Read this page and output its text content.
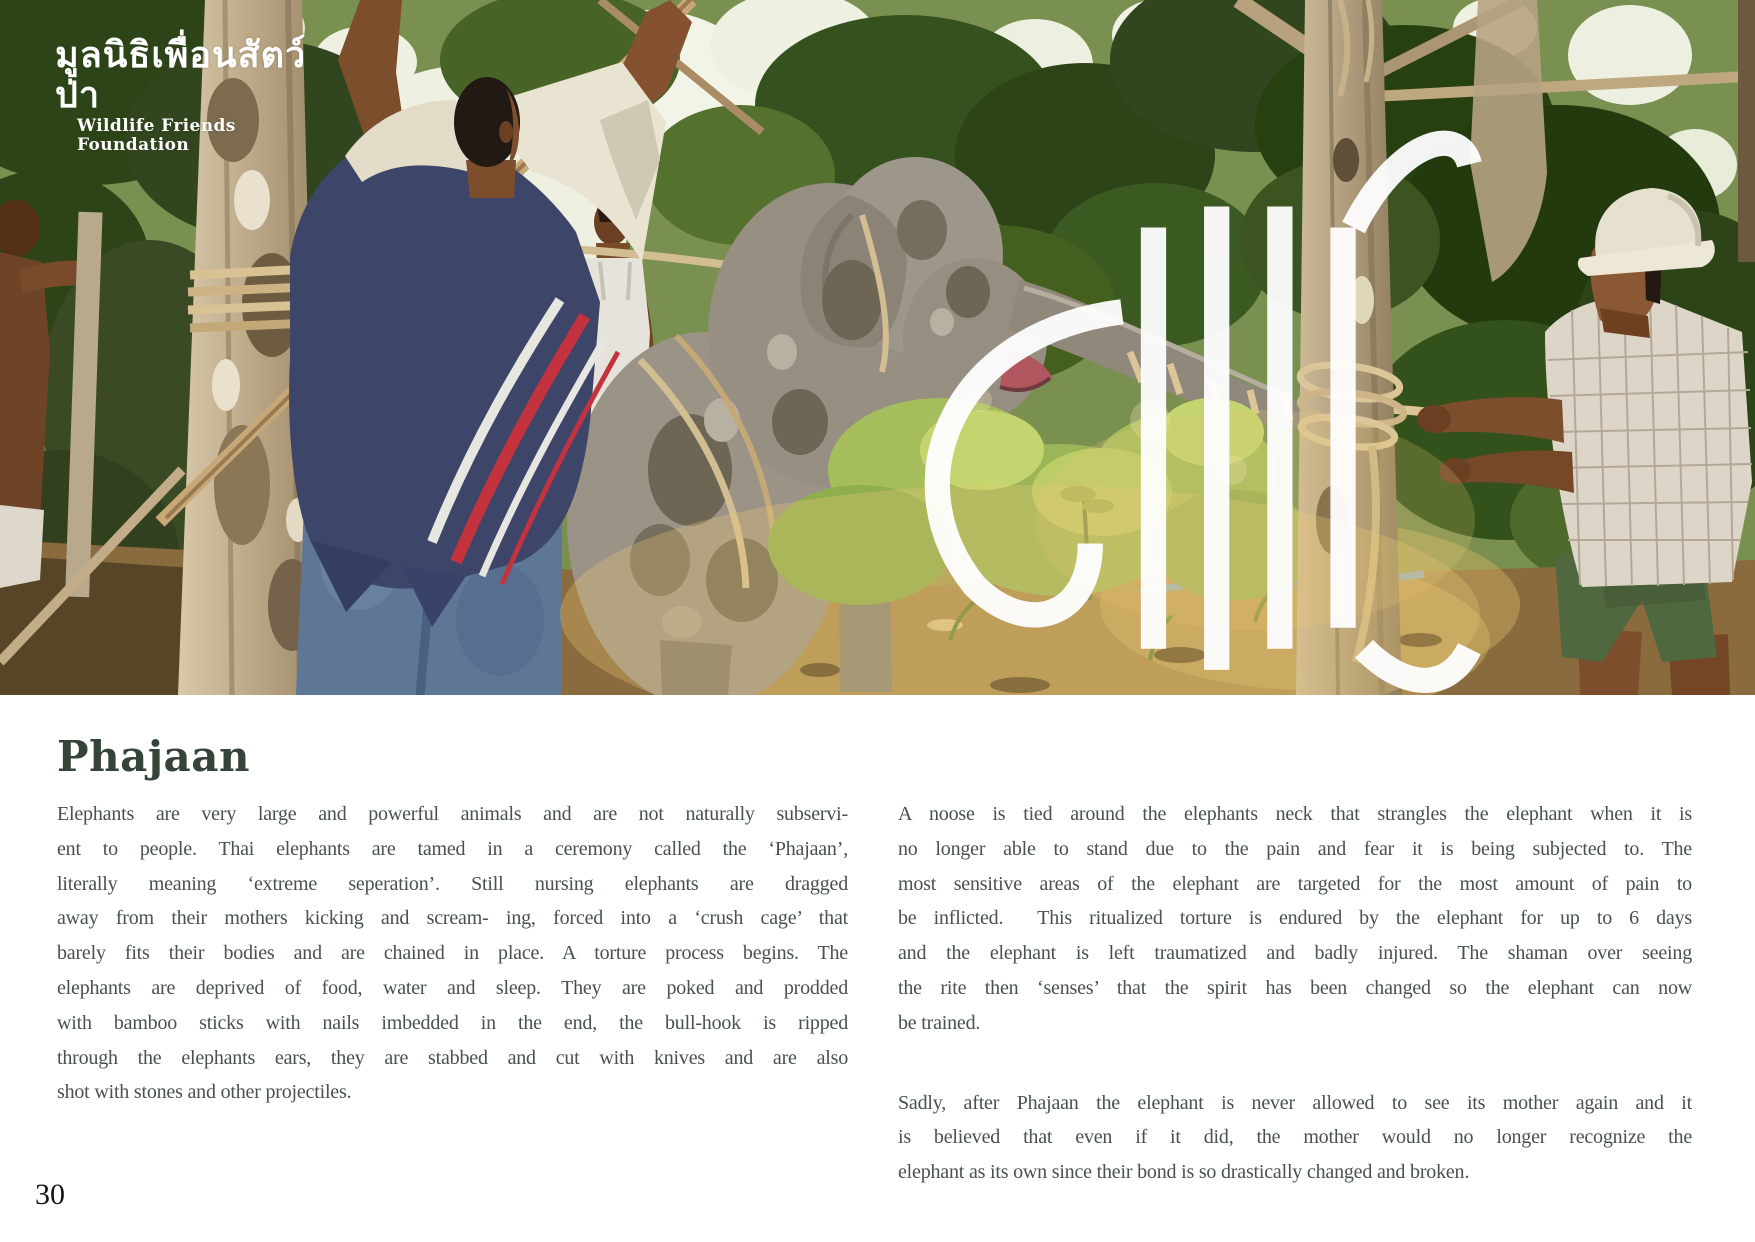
มูลนิธิเพื่อนสัตว์ป่า
Wildlife Friends Foundation
Phajaan
Elephants are very large and powerful animals and are not naturally subservi-
ent to people. Thai elephants are tamed in a ceremony called the ‘Phajaan’,
literally meaning ‘extreme seperation’. Still nursing elephants are dragged
away from their mothers kicking and scream- ing, forced into a ‘crush cage’ that
barely fits their bodies and are chained in place. A torture process begins. The
elephants are deprived of food, water and sleep. They are poked and prodded
with bamboo sticks with nails imbedded in the end, the bull-hook is ripped
through the elephants ears, they are stabbed and cut with knives and are also
shot with stones and other projectiles.
A noose is tied around the elephants neck that strangles the elephant when it is
no longer able to stand due to the pain and fear it is being subjected to. The
most sensitive areas of the elephant are targeted for the most amount of pain to
be inflicted.  This ritualized torture is endured by the elephant for up to 6 days
and the elephant is left traumatized and badly injured. The shaman over seeing
the rite then ‘senses’ that the spirit has been changed so the elephant can now
be trained.
Sadly, after Phajaan the elephant is never allowed to see its mother again and it
is believed that even if it did, the mother would no longer recognize the
elephant as its own since their bond is so drastically changed and broken.
30
